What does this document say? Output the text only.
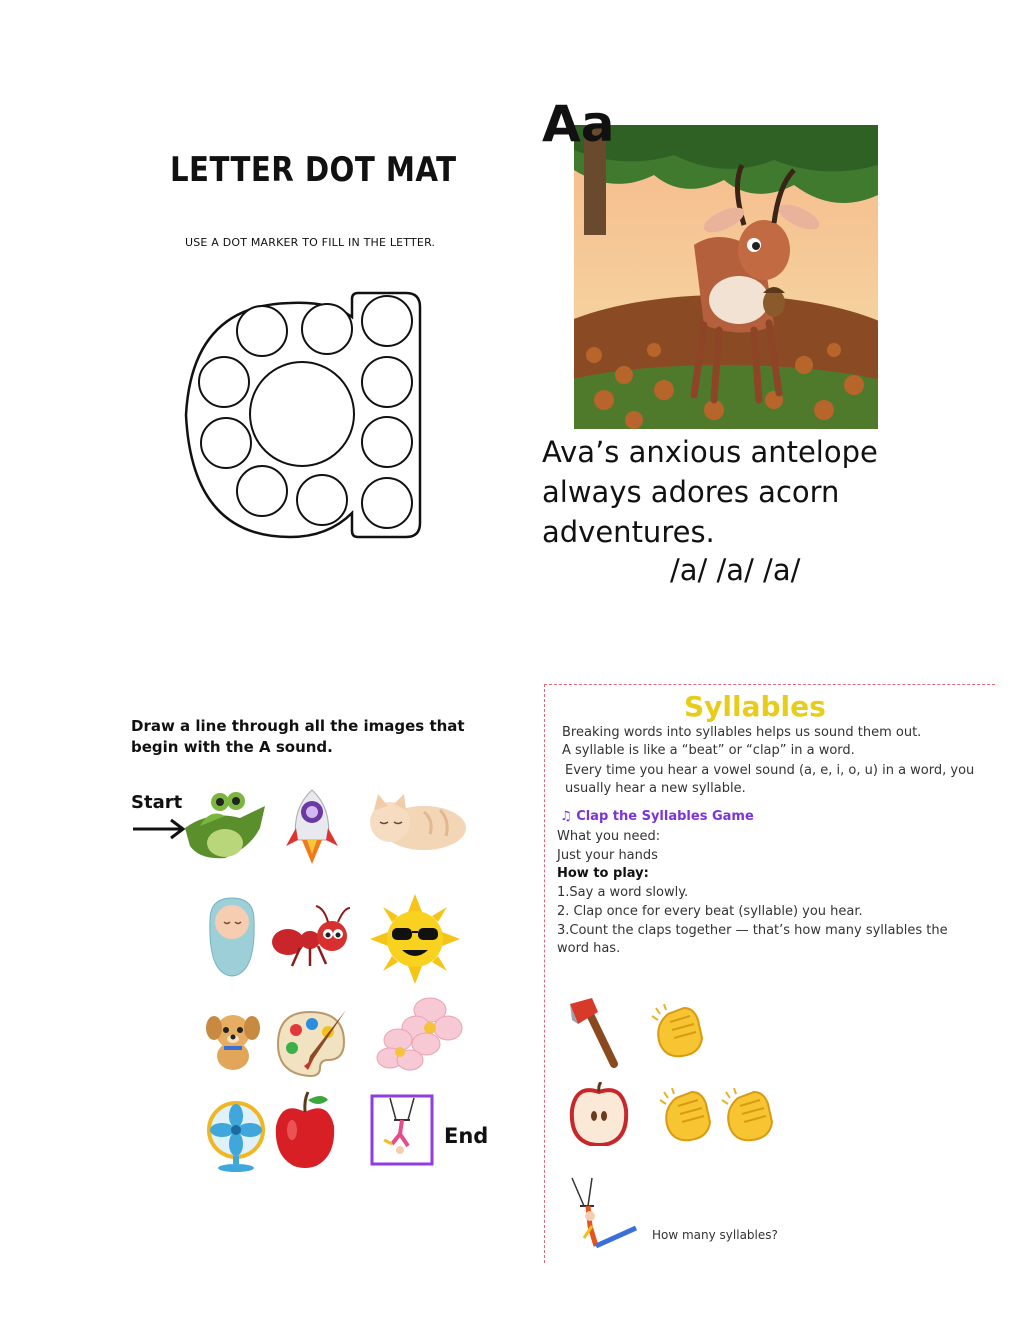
LETTER DOT MAT
USE A DOT MARKER TO FILL IN THE LETTER.
Aa
Ava’s anxious antelope always adores acorn adventures.
/a/ /a/ /a/
Draw a line through all the images that begin with the A sound.
Start
End
Syllables
Breaking words into syllables helps us sound them out.
A syllable is like a “beat” or “clap” in a word.
Every time you hear a vowel sound (a, e, i, o, u) in a word, you usually hear a new syllable.
♫ Clap the Syllables Game
What you need:
Just your hands
How to play:
1.Say a word slowly.
2. Clap once for every beat (syllable) you hear.
3.Count the claps together — that’s how many syllables the word has.
How many syllables?
